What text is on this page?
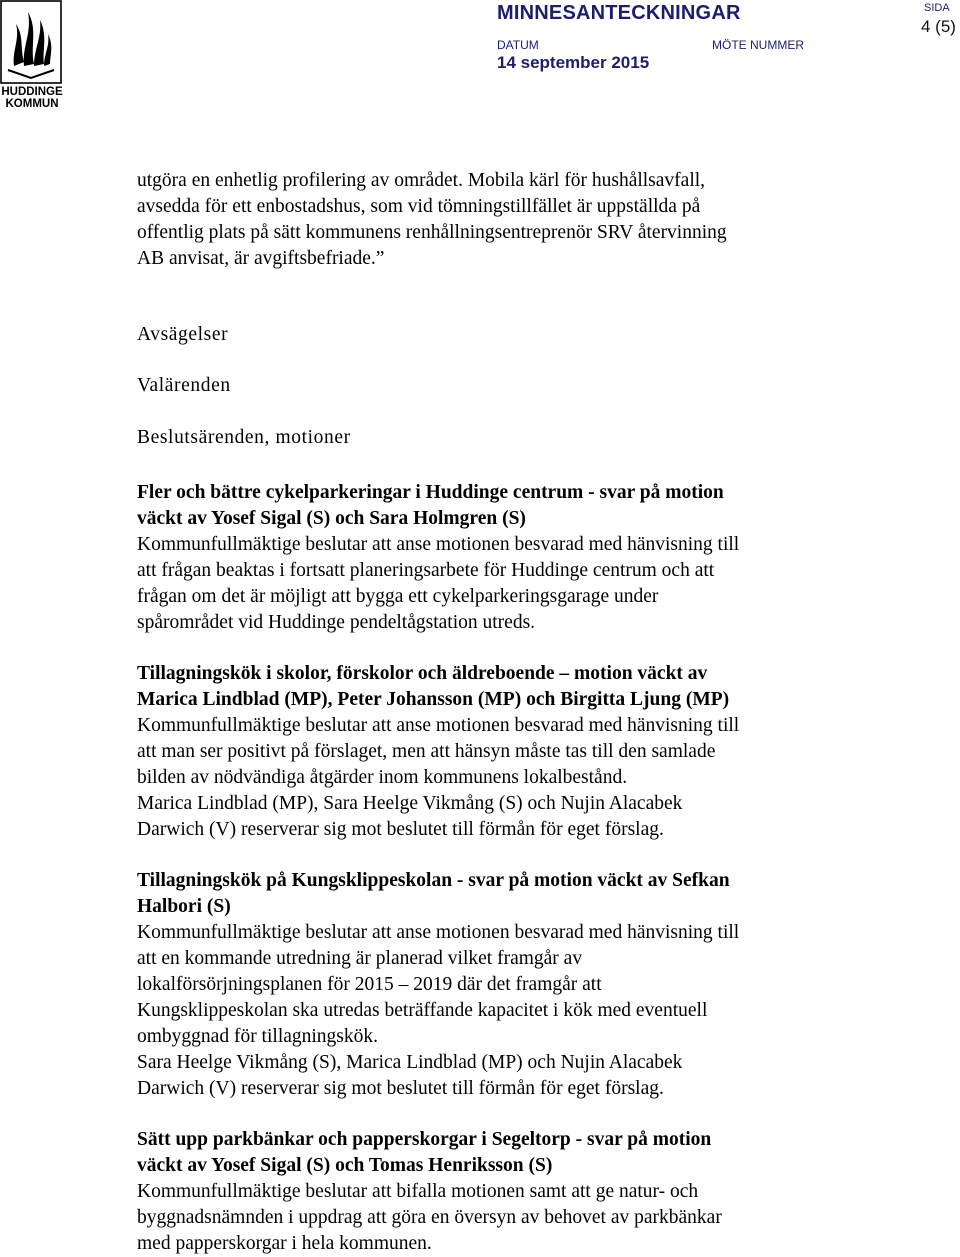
HUDDINGE
KOMMUN
MINNESANTECKNINGAR
DATUM
14 september 2015
MÖTE NUMMER
SIDA
4 (5)
utgöra en enhetlig profilering av området. Mobila kärl för hushållsavfall,
avsedda för ett enbostadshus, som vid tömningstillfället är uppställda på
offentlig plats på sätt kommunens renhållningsentreprenör SRV återvinning
AB anvisat, är avgiftsbefriade.”
Avsägelser
Valärenden
Beslutsärenden, motioner
Fler och bättre cykelparkeringar i Huddinge centrum - svar på motion
väckt av Yosef Sigal (S) och Sara Holmgren (S)

Kommunfullmäktige beslutar att anse motionen besvarad med hänvisning till

att frågan beaktas i fortsatt planeringsarbete för Huddinge centrum och att

frågan om det är möjligt att bygga ett cykelparkeringsgarage under

spårområdet vid Huddinge pendeltågstation utreds.

Tillagningskök i skolor, förskolor och äldreboende – motion väckt av
Marica Lindblad (MP), Peter Johansson (MP) och Birgitta Ljung (MP)

Kommunfullmäktige beslutar att anse motionen besvarad med hänvisning till

att man ser positivt på förslaget, men att hänsyn måste tas till den samlade

bilden av nödvändiga åtgärder inom kommunens lokalbestånd.

Marica Lindblad (MP), Sara Heelge Vikmång (S) och Nujin Alacabek

Darwich (V) reserverar sig mot beslutet till förmån för eget förslag.

Tillagningskök på Kungsklippeskolan - svar på motion väckt av Sefkan
Halbori (S)

Kommunfullmäktige beslutar att anse motionen besvarad med hänvisning till

att en kommande utredning är planerad vilket framgår av

lokalförsörjningsplanen för 2015 – 2019 där det framgår att

Kungsklippeskolan ska utredas beträffande kapacitet i kök med eventuell

ombyggnad för tillagningskök.

Sara Heelge Vikmång (S), Marica Lindblad (MP) och Nujin Alacabek

Darwich (V) reserverar sig mot beslutet till förmån för eget förslag.

Sätt upp parkbänkar och papperskorgar i Segeltorp - svar på motion
väckt av Yosef Sigal (S) och Tomas Henriksson (S)

Kommunfullmäktige beslutar att bifalla motionen samt att ge natur- och

byggnadsnämnden i uppdrag att göra en översyn av behovet av parkbänkar

med papperskorgar i hela kommunen.
